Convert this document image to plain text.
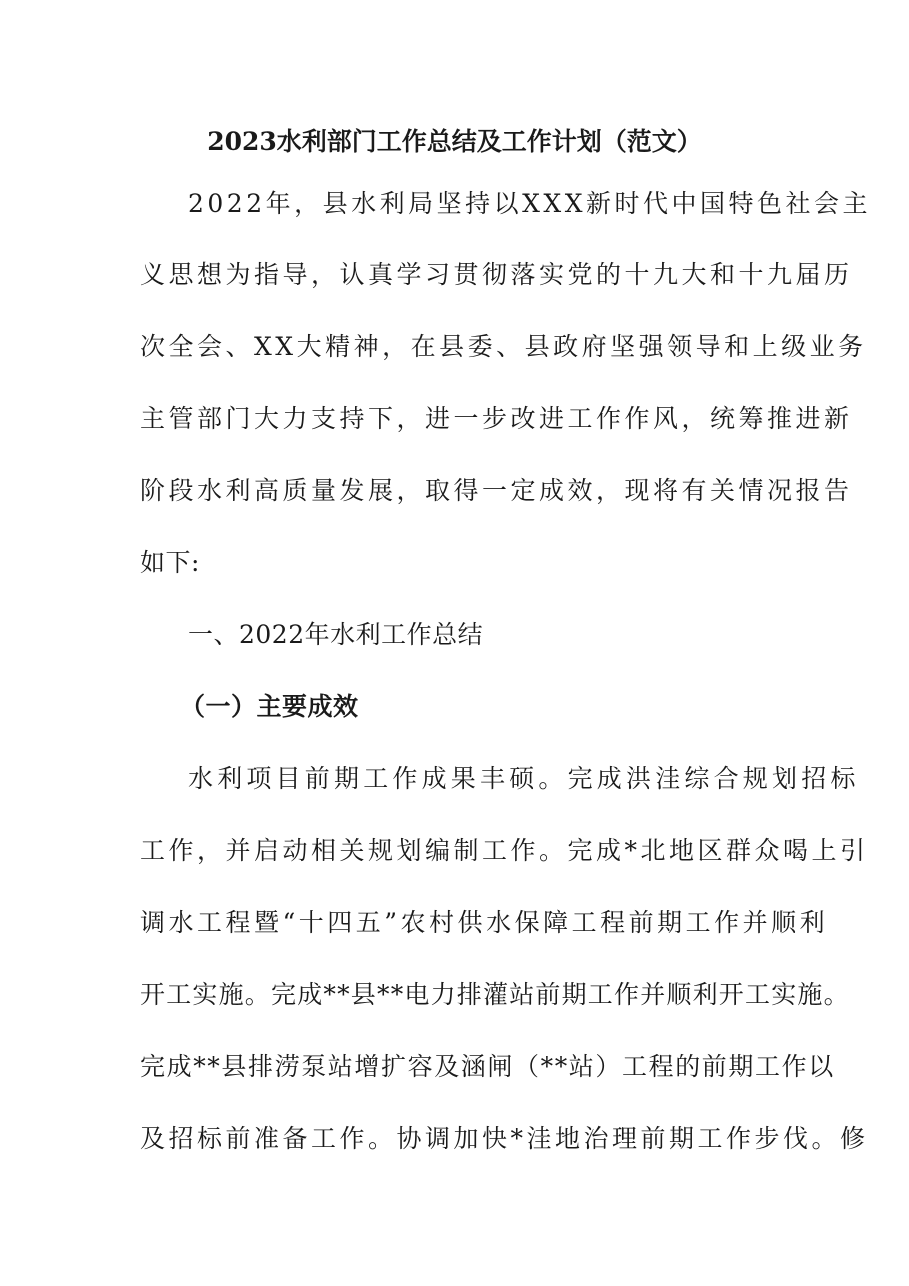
2023水利部门工作总结及工作计划（范文）
2022年，县水利局坚持以XXX新时代中国特色社会主
义思想为指导，认真学习贯彻落实党的十九大和十九届历
次全会、XX大精神，在县委、县政府坚强领导和上级业务
主管部门大力支持下，进一步改进工作作风，统筹推进新
阶段水利高质量发展，取得一定成效，现将有关情况报告
如下:
一、2022年水利工作总结
（一）主要成效
水利项目前期工作成果丰硕。完成洪洼综合规划招标
工作，并启动相关规划编制工作。完成*北地区群众喝上引
调水工程暨“十四五”农村供水保障工程前期工作并顺利
开工实施。完成**县**电力排灌站前期工作并顺利开工实施。
完成**县排涝泵站增扩容及涵闸（**站）工程的前期工作以
及招标前准备工作。协调加快*洼地治理前期工作步伐。修
